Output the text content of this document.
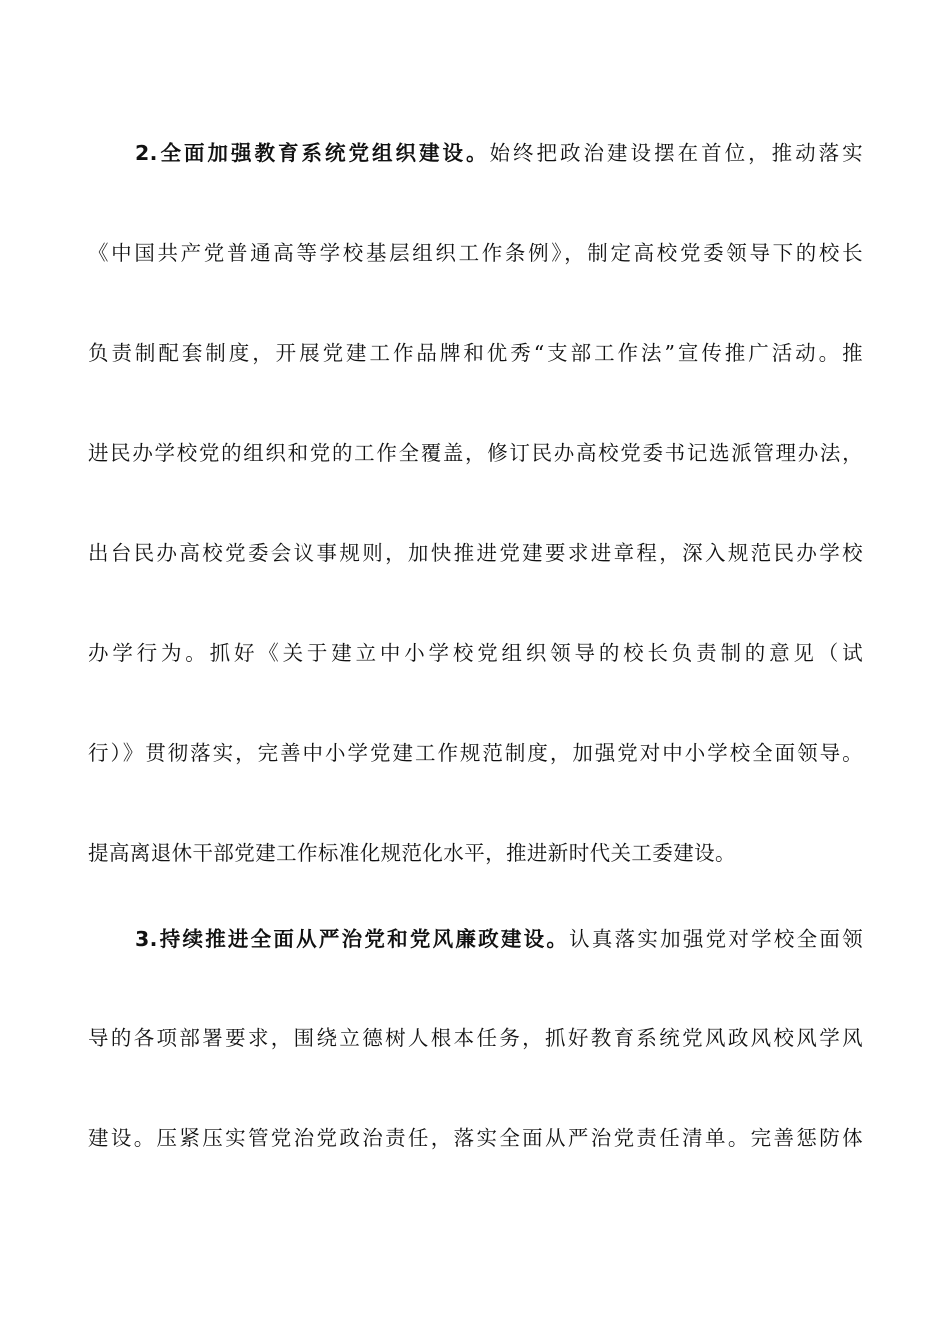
2.全面加强教育系统党组织建设。始终把政治建设摆在首位，推动落实
《中国共产党普通高等学校基层组织工作条例》，制定高校党委领导下的校长
负责制配套制度，开展党建工作品牌和优秀“支部工作法”宣传推广活动。推
进民办学校党的组织和党的工作全覆盖，修订民办高校党委书记选派管理办法，
出台民办高校党委会议事规则，加快推进党建要求进章程，深入规范民办学校
办学行为。抓好《关于建立中小学校党组织领导的校长负责制的意见（试
行）》贯彻落实，完善中小学党建工作规范制度，加强党对中小学校全面领导。
提高离退休干部党建工作标准化规范化水平，推进新时代关工委建设。
3.持续推进全面从严治党和党风廉政建设。认真落实加强党对学校全面领
导的各项部署要求，围绕立德树人根本任务，抓好教育系统党风政风校风学风
建设。压紧压实管党治党政治责任，落实全面从严治党责任清单。完善惩防体
